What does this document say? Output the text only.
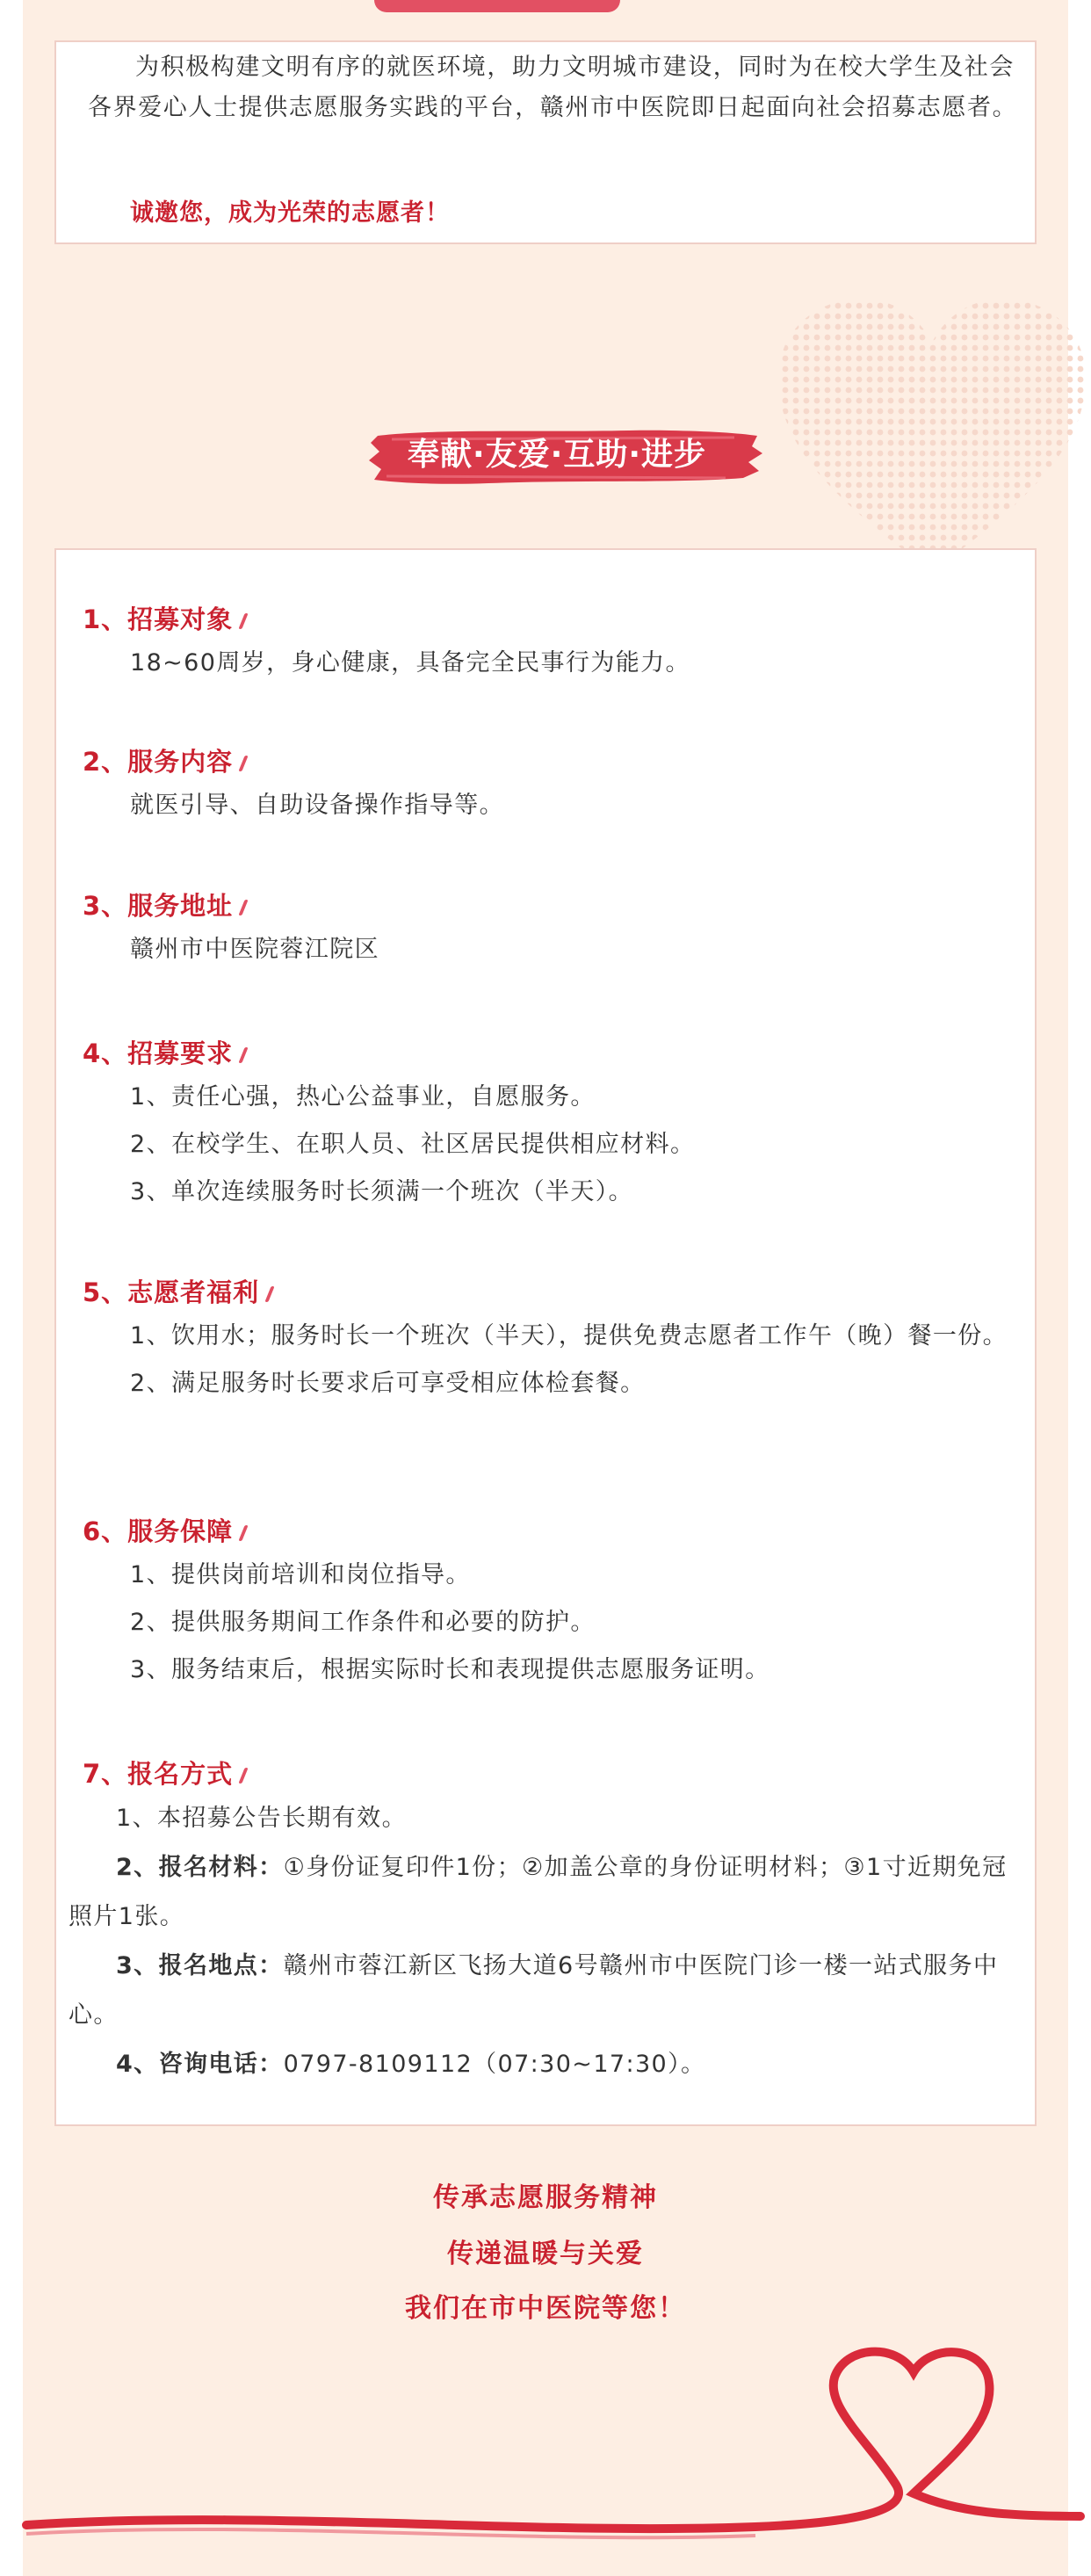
为积极构建文明有序的就医环境，助力文明城市建设，同时为在校大学生及社会各界爱心人士提供志愿服务实践的平台，赣州市中医院即日起面向社会招募志愿者。

诚邀您，成为光荣的志愿者！

奉献·友爱·互助·进步

1、招募对象

18~60周岁，身心健康，具备完全民事行为能力。

2、服务内容

就医引导、自助设备操作指导等。

3、服务地址

赣州市中医院蓉江院区

4、招募要求

1、责任心强，热心公益事业，自愿服务。

2、在校学生、在职人员、社区居民提供相应材料。

3、单次连续服务时长须满一个班次（半天）。

5、志愿者福利

1、饮用水；服务时长一个班次（半天），提供免费志愿者工作午（晚）餐一份。

2、满足服务时长要求后可享受相应体检套餐。

6、服务保障

1、提供岗前培训和岗位指导。

2、提供服务期间工作条件和必要的防护。

3、服务结束后，根据实际时长和表现提供志愿服务证明。

7、报名方式

1、本招募公告长期有效。

2、报名材料：①身份证复印件1份；②加盖公章的身份证明材料；③1寸近期免冠照片1张。

3、报名地点：赣州市蓉江新区飞扬大道6号赣州市中医院门诊一楼一站式服务中心。

4、咨询电话：0797-8109112（07:30~17:30）。

传承志愿服务精神

传递温暖与关爱

我们在市中医院等您！
